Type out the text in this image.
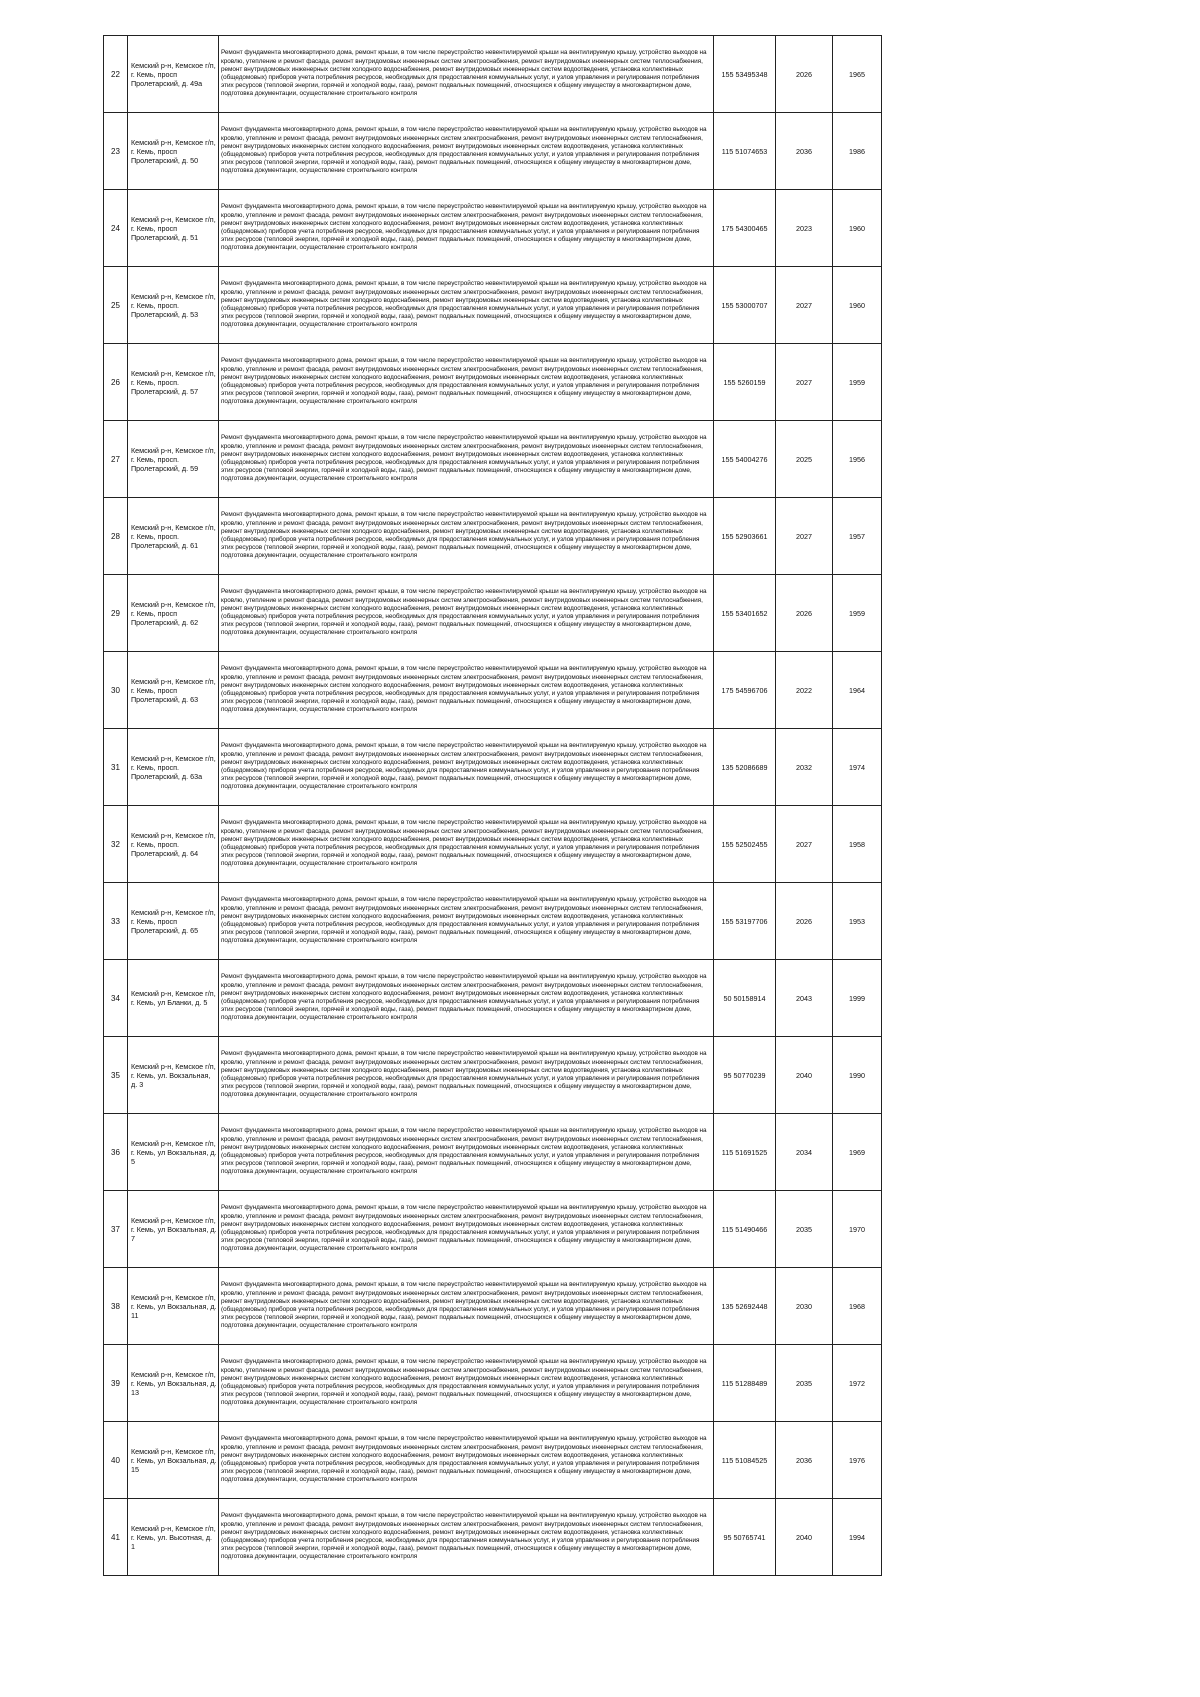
22	Кемский р-н, Кемское г/п, г. Кемь, просп Пролетарский, д. 49а	Ремонт фундамента многоквартирного дома, ремонт крыши, в том числе переустройство невентилируемой крыши на вентилируемую крышу, устройство выходов на кровлю, утепление и ремонт фасада, ремонт внутридомовых инженерных систем электроснабжения, ремонт внутридомовых инженерных систем теплоснабжения, ремонт внутридомовых инженерных систем холодного водоснабжения, ремонт внутридомовых инженерных систем водоотведения, установка коллективных (общедомовых) приборов учета потребления ресурсов, необходимых для предоставления коммунальных услуг, и узлов управления и регулирования потребления этих ресурсов (тепловой энергии, горячей и холодной воды, газа), ремонт подвальных помещений, относящихся к общему имуществу в многоквартирном доме, подготовка документации, осуществление строительного контроля	155 53495348	2026	1965
23	Кемский р-н, Кемское г/п, г. Кемь, просп Пролетарский, д. 50	Ремонт фундамента многоквартирного дома, ремонт крыши, в том числе переустройство невентилируемой крыши на вентилируемую крышу, устройство выходов на кровлю, утепление и ремонт фасада, ремонт внутридомовых инженерных систем электроснабжения, ремонт внутридомовых инженерных систем теплоснабжения, ремонт внутридомовых инженерных систем холодного водоснабжения, ремонт внутридомовых инженерных систем водоотведения, установка коллективных (общедомовых) приборов учета потребления ресурсов, необходимых для предоставления коммунальных услуг, и узлов управления и регулирования потребления этих ресурсов (тепловой энергии, горячей и холодной воды, газа), ремонт подвальных помещений, относящихся к общему имуществу в многоквартирном доме, подготовка документации, осуществление строительного контроля	115 51074653	2036	1986
24	Кемский р-н, Кемское г/п, г. Кемь, просп Пролетарский, д. 51	Ремонт фундамента многоквартирного дома, ремонт крыши, в том числе переустройство невентилируемой крыши на вентилируемую крышу, устройство выходов на кровлю, утепление и ремонт фасада, ремонт внутридомовых инженерных систем электроснабжения, ремонт внутридомовых инженерных систем теплоснабжения, ремонт внутридомовых инженерных систем холодного водоснабжения, ремонт внутридомовых инженерных систем водоотведения, установка коллективных (общедомовых) приборов учета потребления ресурсов, необходимых для предоставления коммунальных услуг, и узлов управления и регулирования потребления этих ресурсов (тепловой энергии, горячей и холодной воды, газа), ремонт подвальных помещений, относящихся к общему имуществу в многоквартирном доме, подготовка документации, осуществление строительного контроля	175 54300465	2023	1960
25	Кемский р-н, Кемское г/п, г. Кемь, просп. Пролетарский, д. 53	Ремонт фундамента многоквартирного дома, ремонт крыши, в том числе переустройство невентилируемой крыши на вентилируемую крышу, устройство выходов на кровлю, утепление и ремонт фасада, ремонт внутридомовых инженерных систем электроснабжения, ремонт внутридомовых инженерных систем теплоснабжения, ремонт внутридомовых инженерных систем холодного водоснабжения, ремонт внутридомовых инженерных систем водоотведения, установка коллективных (общедомовых) приборов учета потребления ресурсов, необходимых для предоставления коммунальных услуг, и узлов управления и регулирования потребления этих ресурсов (тепловой энергии, горячей и холодной воды, газа), ремонт подвальных помещений, относящихся к общему имуществу в многоквартирном доме, подготовка документации, осуществление строительного контроля	155 53000707	2027	1960
26	Кемский р-н, Кемское г/п, г. Кемь, просп. Пролетарский, д. 57	Ремонт фундамента многоквартирного дома, ремонт крыши, в том числе переустройство невентилируемой крыши на вентилируемую крышу, устройство выходов на кровлю, утепление и ремонт фасада, ремонт внутридомовых инженерных систем электроснабжения, ремонт внутридомовых инженерных систем теплоснабжения, ремонт внутридомовых инженерных систем холодного водоснабжения, ремонт внутридомовых инженерных систем водоотведения, установка коллективных (общедомовых) приборов учета потребления ресурсов, необходимых для предоставления коммунальных услуг, и узлов управления и регулирования потребления этих ресурсов (тепловой энергии, горячей и холодной воды, газа), ремонт подвальных помещений, относящихся к общему имуществу в многоквартирном доме, подготовка документации, осуществление строительного контроля	155 5260159	2027	1959
27	Кемский р-н, Кемское г/п, г. Кемь, просп. Пролетарский, д. 59	Ремонт фундамента многоквартирного дома, ремонт крыши, в том числе переустройство невентилируемой крыши на вентилируемую крышу, устройство выходов на кровлю, утепление и ремонт фасада, ремонт внутридомовых инженерных систем электроснабжения, ремонт внутридомовых инженерных систем теплоснабжения, ремонт внутридомовых инженерных систем холодного водоснабжения, ремонт внутридомовых инженерных систем водоотведения, установка коллективных (общедомовых) приборов учета потребления ресурсов, необходимых для предоставления коммунальных услуг, и узлов управления и регулирования потребления этих ресурсов (тепловой энергии, горячей и холодной воды, газа), ремонт подвальных помещений, относящихся к общему имуществу в многоквартирном доме, подготовка документации, осуществление строительного контроля	155 54004276	2025	1956
28	Кемский р-н, Кемское г/п, г. Кемь, просп. Пролетарский, д. 61	Ремонт фундамента многоквартирного дома, ремонт крыши, в том числе переустройство невентилируемой крыши на вентилируемую крышу, устройство выходов на кровлю, утепление и ремонт фасада, ремонт внутридомовых инженерных систем электроснабжения, ремонт внутридомовых инженерных систем теплоснабжения, ремонт внутридомовых инженерных систем холодного водоснабжения, ремонт внутридомовых инженерных систем водоотведения, установка коллективных (общедомовых) приборов учета потребления ресурсов, необходимых для предоставления коммунальных услуг, и узлов управления и регулирования потребления этих ресурсов (тепловой энергии, горячей и холодной воды, газа), ремонт подвальных помещений, относящихся к общему имуществу в многоквартирном доме, подготовка документации, осуществление строительного контроля	155 52903661	2027	1957
29	Кемский р-н, Кемское г/п, г. Кемь, просп Пролетарский, д. 62	Ремонт фундамента многоквартирного дома, ремонт крыши, в том числе переустройство невентилируемой крыши на вентилируемую крышу, устройство выходов на кровлю, утепление и ремонт фасада, ремонт внутридомовых инженерных систем электроснабжения, ремонт внутридомовых инженерных систем теплоснабжения, ремонт внутридомовых инженерных систем холодного водоснабжения, ремонт внутридомовых инженерных систем водоотведения, установка коллективных (общедомовых) приборов учета потребления ресурсов, необходимых для предоставления коммунальных услуг, и узлов управления и регулирования потребления этих ресурсов (тепловой энергии, горячей и холодной воды, газа), ремонт подвальных помещений, относящихся к общему имуществу в многоквартирном доме, подготовка документации, осуществление строительного контроля	155 53401652	2026	1959
30	Кемский р-н, Кемское г/п, г. Кемь, просп Пролетарский, д. 63	Ремонт фундамента многоквартирного дома, ремонт крыши, в том числе переустройство невентилируемой крыши на вентилируемую крышу, устройство выходов на кровлю, утепление и ремонт фасада, ремонт внутридомовых инженерных систем электроснабжения, ремонт внутридомовых инженерных систем теплоснабжения, ремонт внутридомовых инженерных систем холодного водоснабжения, ремонт внутридомовых инженерных систем водоотведения, установка коллективных (общедомовых) приборов учета потребления ресурсов, необходимых для предоставления коммунальных услуг, и узлов управления и регулирования потребления этих ресурсов (тепловой энергии, горячей и холодной воды, газа), ремонт подвальных помещений, относящихся к общему имуществу в многоквартирном доме, подготовка документации, осуществление строительного контроля	175 54596706	2022	1964
31	Кемский р-н, Кемское г/п, г. Кемь, просп. Пролетарский, д. 63а	Ремонт фундамента многоквартирного дома, ремонт крыши, в том числе переустройство невентилируемой крыши на вентилируемую крышу, устройство выходов на кровлю, утепление и ремонт фасада, ремонт внутридомовых инженерных систем электроснабжения, ремонт внутридомовых инженерных систем теплоснабжения, ремонт внутридомовых инженерных систем холодного водоснабжения, ремонт внутридомовых инженерных систем водоотведения, установка коллективных (общедомовых) приборов учета потребления ресурсов, необходимых для предоставления коммунальных услуг, и узлов управления и регулирования потребления этих ресурсов (тепловой энергии, горячей и холодной воды, газа), ремонт подвальных помещений, относящихся к общему имуществу в многоквартирном доме, подготовка документации, осуществление строительного контроля	135 52086689	2032	1974
32	Кемский р-н, Кемское г/п, г. Кемь, просп. Пролетарский, д. 64	Ремонт фундамента многоквартирного дома, ремонт крыши, в том числе переустройство невентилируемой крыши на вентилируемую крышу, устройство выходов на кровлю, утепление и ремонт фасада, ремонт внутридомовых инженерных систем электроснабжения, ремонт внутридомовых инженерных систем теплоснабжения, ремонт внутридомовых инженерных систем холодного водоснабжения, ремонт внутридомовых инженерных систем водоотведения, установка коллективных (общедомовых) приборов учета потребления ресурсов, необходимых для предоставления коммунальных услуг, и узлов управления и регулирования потребления этих ресурсов (тепловой энергии, горячей и холодной воды, газа), ремонт подвальных помещений, относящихся к общему имуществу в многоквартирном доме, подготовка документации, осуществление строительного контроля	155 52502455	2027	1958
33	Кемский р-н, Кемское г/п, г. Кемь, просп Пролетарский, д. 65	Ремонт фундамента многоквартирного дома, ремонт крыши, в том числе переустройство невентилируемой крыши на вентилируемую крышу, устройство выходов на кровлю, утепление и ремонт фасада, ремонт внутридомовых инженерных систем электроснабжения, ремонт внутридомовых инженерных систем теплоснабжения, ремонт внутридомовых инженерных систем холодного водоснабжения, ремонт внутридомовых инженерных систем водоотведения, установка коллективных (общедомовых) приборов учета потребления ресурсов, необходимых для предоставления коммунальных услуг, и узлов управления и регулирования потребления этих ресурсов (тепловой энергии, горячей и холодной воды, газа), ремонт подвальных помещений, относящихся к общему имуществу в многоквартирном доме, подготовка документации, осуществление строительного контроля	155 53197706	2026	1953
34	Кемский р-н, Кемское г/п, г. Кемь, ул Бланки, д. 5	Ремонт фундамента многоквартирного дома, ремонт крыши, в том числе переустройство невентилируемой крыши на вентилируемую крышу, устройство выходов на кровлю, утепление и ремонт фасада, ремонт внутридомовых инженерных систем электроснабжения, ремонт внутридомовых инженерных систем теплоснабжения, ремонт внутридомовых инженерных систем холодного водоснабжения, ремонт внутридомовых инженерных систем водоотведения, установка коллективных (общедомовых) приборов учета потребления ресурсов, необходимых для предоставления коммунальных услуг, и узлов управления и регулирования потребления этих ресурсов (тепловой энергии, горячей и холодной воды, газа), ремонт подвальных помещений, относящихся к общему имуществу в многоквартирном доме, подготовка документации, осуществление строительного контроля	50 50158914	2043	1999
35	Кемский р-н, Кемское г/п, г. Кемь, ул. Вокзальная, д. 3	Ремонт фундамента многоквартирного дома, ремонт крыши, в том числе переустройство невентилируемой крыши на вентилируемую крышу, устройство выходов на кровлю, утепление и ремонт фасада, ремонт внутридомовых инженерных систем электроснабжения, ремонт внутридомовых инженерных систем теплоснабжения, ремонт внутридомовых инженерных систем холодного водоснабжения, ремонт внутридомовых инженерных систем водоотведения, установка коллективных (общедомовых) приборов учета потребления ресурсов, необходимых для предоставления коммунальных услуг, и узлов управления и регулирования потребления этих ресурсов (тепловой энергии, горячей и холодной воды, газа), ремонт подвальных помещений, относящихся к общему имуществу в многоквартирном доме, подготовка документации, осуществление строительного контроля	95 50770239	2040	1990
36	Кемский р-н, Кемское г/п, г. Кемь, ул Вокзальная, д. 5	Ремонт фундамента многоквартирного дома, ремонт крыши, в том числе переустройство невентилируемой крыши на вентилируемую крышу, устройство выходов на кровлю, утепление и ремонт фасада, ремонт внутридомовых инженерных систем электроснабжения, ремонт внутридомовых инженерных систем теплоснабжения, ремонт внутридомовых инженерных систем холодного водоснабжения, ремонт внутридомовых инженерных систем водоотведения, установка коллективных (общедомовых) приборов учета потребления ресурсов, необходимых для предоставления коммунальных услуг, и узлов управления и регулирования потребления этих ресурсов (тепловой энергии, горячей и холодной воды, газа), ремонт подвальных помещений, относящихся к общему имуществу в многоквартирном доме, подготовка документации, осуществление строительного контроля	115 51691525	2034	1969
37	Кемский р-н, Кемское г/п, г. Кемь, ул Вокзальная, д. 7	Ремонт фундамента многоквартирного дома, ремонт крыши, в том числе переустройство невентилируемой крыши на вентилируемую крышу, устройство выходов на кровлю, утепление и ремонт фасада, ремонт внутридомовых инженерных систем электроснабжения, ремонт внутридомовых инженерных систем теплоснабжения, ремонт внутридомовых инженерных систем холодного водоснабжения, ремонт внутридомовых инженерных систем водоотведения, установка коллективных (общедомовых) приборов учета потребления ресурсов, необходимых для предоставления коммунальных услуг, и узлов управления и регулирования потребления этих ресурсов (тепловой энергии, горячей и холодной воды, газа), ремонт подвальных помещений, относящихся к общему имуществу в многоквартирном доме, подготовка документации, осуществление строительного контроля	115 51490466	2035	1970
38	Кемский р-н, Кемское г/п, г. Кемь, ул Вокзальная, д. 11	Ремонт фундамента многоквартирного дома, ремонт крыши, в том числе переустройство невентилируемой крыши на вентилируемую крышу, устройство выходов на кровлю, утепление и ремонт фасада, ремонт внутридомовых инженерных систем электроснабжения, ремонт внутридомовых инженерных систем теплоснабжения, ремонт внутридомовых инженерных систем холодного водоснабжения, ремонт внутридомовых инженерных систем водоотведения, установка коллективных (общедомовых) приборов учета потребления ресурсов, необходимых для предоставления коммунальных услуг, и узлов управления и регулирования потребления этих ресурсов (тепловой энергии, горячей и холодной воды, газа), ремонт подвальных помещений, относящихся к общему имуществу в многоквартирном доме, подготовка документации, осуществление строительного контроля	135 52692448	2030	1968
39	Кемский р-н, Кемское г/п, г. Кемь, ул Вокзальная, д. 13	Ремонт фундамента многоквартирного дома, ремонт крыши, в том числе переустройство невентилируемой крыши на вентилируемую крышу, устройство выходов на кровлю, утепление и ремонт фасада, ремонт внутридомовых инженерных систем электроснабжения, ремонт внутридомовых инженерных систем теплоснабжения, ремонт внутридомовых инженерных систем холодного водоснабжения, ремонт внутридомовых инженерных систем водоотведения, установка коллективных (общедомовых) приборов учета потребления ресурсов, необходимых для предоставления коммунальных услуг, и узлов управления и регулирования потребления этих ресурсов (тепловой энергии, горячей и холодной воды, газа), ремонт подвальных помещений, относящихся к общему имуществу в многоквартирном доме, подготовка документации, осуществление строительного контроля	115 51288489	2035	1972
40	Кемский р-н, Кемское г/п, г. Кемь, ул Вокзальная, д. 15	Ремонт фундамента многоквартирного дома, ремонт крыши, в том числе переустройство невентилируемой крыши на вентилируемую крышу, устройство выходов на кровлю, утепление и ремонт фасада, ремонт внутридомовых инженерных систем электроснабжения, ремонт внутридомовых инженерных систем теплоснабжения, ремонт внутридомовых инженерных систем холодного водоснабжения, ремонт внутридомовых инженерных систем водоотведения, установка коллективных (общедомовых) приборов учета потребления ресурсов, необходимых для предоставления коммунальных услуг, и узлов управления и регулирования потребления этих ресурсов (тепловой энергии, горячей и холодной воды, газа), ремонт подвальных помещений, относящихся к общему имуществу в многоквартирном доме, подготовка документации, осуществление строительного контроля	115 51084525	2036	1976
41	Кемский р-н, Кемское г/п, г. Кемь, ул. Высотная, д. 1	Ремонт фундамента многоквартирного дома, ремонт крыши, в том числе переустройство невентилируемой крыши на вентилируемую крышу, устройство выходов на кровлю, утепление и ремонт фасада, ремонт внутридомовых инженерных систем электроснабжения, ремонт внутридомовых инженерных систем теплоснабжения, ремонт внутридомовых инженерных систем холодного водоснабжения, ремонт внутридомовых инженерных систем водоотведения, установка коллективных (общедомовых) приборов учета потребления ресурсов, необходимых для предоставления коммунальных услуг, и узлов управления и регулирования потребления этих ресурсов (тепловой энергии, горячей и холодной воды, газа), ремонт подвальных помещений, относящихся к общему имуществу в многоквартирном доме, подготовка документации, осуществление строительного контроля	95 50765741	2040	1994
